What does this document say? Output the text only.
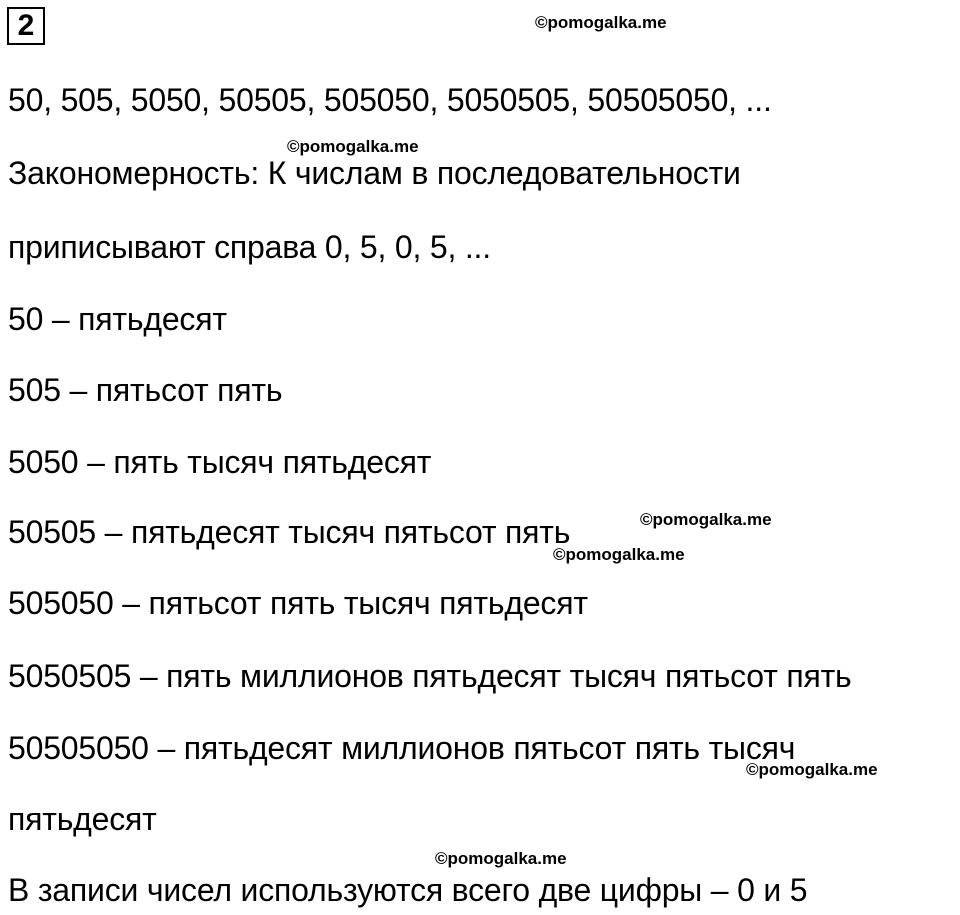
2	©pomogalka.me
50, 505, 5050, 50505, 505050, 5050505, 50505050, ...
©pomogalka.me
Закономерность: К числам в последовательности
приписывают справа 0, 5, 0, 5, ...
50 – пятьдесят
505 – пятьсот пять
5050 – пять тысяч пятьдесят
50505 – пятьдесят тысяч пятьсот пять	©pomogalka.me
©pomogalka.me
505050 – пятьсот пять тысяч пятьдесят
5050505 – пять миллионов пятьдесят тысяч пятьсот пять
50505050 – пятьдесят миллионов пятьсот пять тысяч
©pomogalka.me
пятьдесят
©pomogalka.me
В записи чисел используются всего две цифры – 0 и 5
